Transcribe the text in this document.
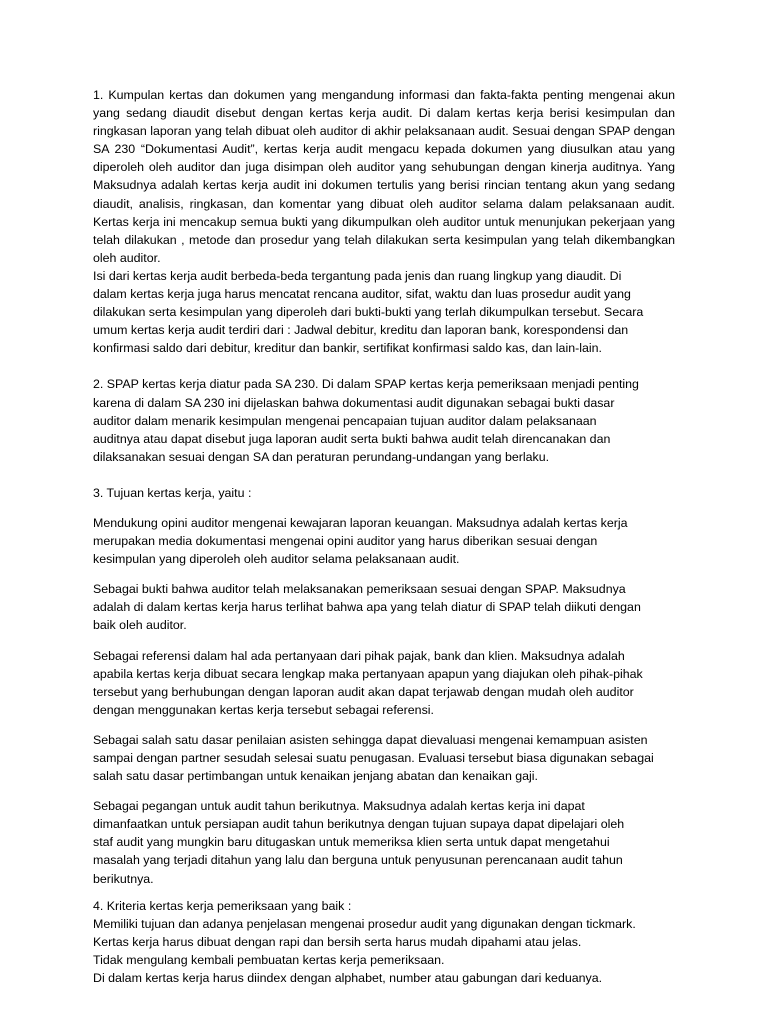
1. Kumpulan kertas dan dokumen yang mengandung informasi dan fakta-fakta penting mengenai akun yang sedang diaudit disebut dengan kertas kerja audit. Di dalam kertas kerja berisi kesimpulan dan ringkasan laporan yang telah dibuat oleh auditor di akhir pelaksanaan audit. Sesuai dengan SPAP dengan SA 230 “Dokumentasi Audit”, kertas kerja audit mengacu kepada dokumen yang diusulkan atau yang diperoleh oleh auditor dan juga disimpan oleh auditor yang sehubungan dengan kinerja auditnya. Yang Maksudnya adalah kertas kerja audit ini dokumen tertulis yang berisi rincian tentang akun yang sedang diaudit, analisis, ringkasan, dan komentar yang dibuat oleh auditor selama dalam pelaksanaan audit. Kertas kerja ini mencakup semua bukti yang dikumpulkan oleh auditor untuk menunjukan pekerjaan yang telah dilakukan , metode dan prosedur yang telah dilakukan serta kesimpulan yang telah dikembangkan oleh auditor.

Isi dari kertas kerja audit berbeda-beda tergantung pada jenis dan ruang lingkup yang diaudit. Di
dalam kertas kerja juga harus mencatat rencana auditor, sifat, waktu dan luas prosedur audit yang
dilakukan serta kesimpulan yang diperoleh dari bukti-bukti yang terlah dikumpulkan tersebut. Secara
umum kertas kerja audit terdiri dari : Jadwal debitur, kreditu dan laporan bank, korespondensi dan
konfirmasi saldo dari debitur, kreditur dan bankir, sertifikat konfirmasi saldo kas, dan lain-lain.
2. SPAP kertas kerja diatur pada SA 230. Di dalam SPAP kertas kerja pemeriksaan menjadi penting
karena di dalam SA 230 ini dijelaskan bahwa dokumentasi audit digunakan sebagai bukti dasar
auditor dalam menarik kesimpulan mengenai pencapaian tujuan auditor dalam pelaksanaan
auditnya atau dapat disebut juga laporan audit serta bukti bahwa audit telah direncanakan dan
dilaksanakan sesuai dengan SA dan peraturan perundang-undangan yang berlaku.
3. Tujuan kertas kerja, yaitu :
Mendukung opini auditor mengenai kewajaran laporan keuangan. Maksudnya adalah kertas kerja
merupakan media dokumentasi mengenai opini auditor yang harus diberikan sesuai dengan
kesimpulan yang diperoleh oleh auditor selama pelaksanaan audit.
Sebagai bukti bahwa auditor telah melaksanakan pemeriksaan sesuai dengan SPAP. Maksudnya
adalah di dalam kertas kerja harus terlihat bahwa apa yang telah diatur di SPAP telah diikuti dengan
baik oleh auditor.
Sebagai referensi dalam hal ada pertanyaan dari pihak pajak, bank dan klien. Maksudnya adalah
apabila kertas kerja dibuat secara lengkap maka pertanyaan apapun yang diajukan oleh pihak-pihak
tersebut yang berhubungan dengan laporan audit akan dapat terjawab dengan mudah oleh auditor
dengan menggunakan kertas kerja tersebut sebagai referensi.
Sebagai salah satu dasar penilaian asisten sehingga dapat dievaluasi mengenai kemampuan asisten
sampai dengan partner sesudah selesai suatu penugasan. Evaluasi tersebut biasa digunakan sebagai
salah satu dasar pertimbangan untuk kenaikan jenjang abatan dan kenaikan gaji.
Sebagai pegangan untuk audit tahun berikutnya. Maksudnya adalah kertas kerja ini dapat
dimanfaatkan untuk persiapan audit tahun berikutnya dengan tujuan supaya dapat dipelajari oleh
staf audit yang mungkin baru ditugaskan untuk memeriksa klien serta untuk dapat mengetahui
masalah yang terjadi ditahun yang lalu dan berguna untuk penyusunan perencanaan audit tahun
berikutnya.
4. Kriteria kertas kerja pemeriksaan yang baik :
Memiliki tujuan dan adanya penjelasan mengenai prosedur audit yang digunakan dengan tickmark.
Kertas kerja harus dibuat dengan rapi dan bersih serta harus mudah dipahami atau jelas.
Tidak mengulang kembali pembuatan kertas kerja pemeriksaan.
Di dalam kertas kerja harus diindex dengan alphabet, number atau gabungan dari keduanya.
